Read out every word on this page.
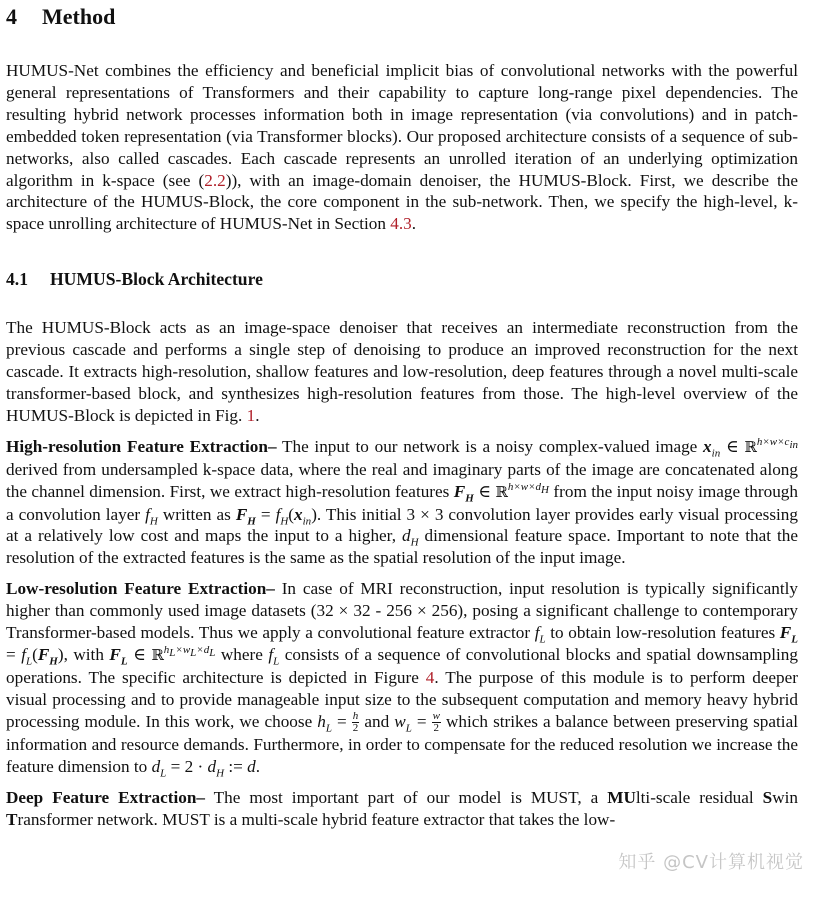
4 Method

HUMUS-Net combines the efficiency and beneficial implicit bias of convolutional networks with the powerful general representations of Transformers and their capability to capture long-range pixel dependencies. The resulting hybrid network processes information both in image representation (via convolutions) and in patch-embedded token representation (via Transformer blocks). Our proposed architecture consists of a sequence of sub-networks, also called cascades. Each cascade represents an unrolled iteration of an underlying optimization algorithm in k-space (see (2.2)), with an image-domain denoiser, the HUMUS-Block. First, we describe the architecture of the HUMUS-Block, the core component in the sub-network. Then, we specify the high-level, k-space unrolling architecture of HUMUS-Net in Section 4.3.

4.1 HUMUS-Block Architecture

The HUMUS-Block acts as an image-space denoiser that receives an intermediate reconstruction from the previous cascade and performs a single step of denoising to produce an improved reconstruction for the next cascade. It extracts high-resolution, shallow features and low-resolution, deep features through a novel multi-scale transformer-based block, and synthesizes high-resolution features from those. The high-level overview of the HUMUS-Block is depicted in Fig. 1.

High-resolution Feature Extraction– The input to our network is a noisy complex-valued image $x_{in}$ ∈ ℝ$^{h\times w\times c_{in}}$ derived from undersampled k-space data, where the real and imaginary parts of the image are concatenated along the channel dimension. First, we extract high-resolution features $F_H$ ∈ ℝ$^{h\times w\times d_H}$ from the input noisy image through a convolution layer $f_H$ written as $F_H = f_H(x_{in})$. This initial 3 × 3 convolution layer provides early visual processing at a relatively low cost and maps the input to a higher, $d_H$ dimensional feature space. Important to note that the resolution of the extracted features is the same as the spatial resolution of the input image.

Low-resolution Feature Extraction– In case of MRI reconstruction, input resolution is typically significantly higher than commonly used image datasets (32 × 32 - 256 × 256), posing a significant challenge to contemporary Transformer-based models. Thus we apply a convolutional feature extractor $f_L$ to obtain low-resolution features $F_L = f_L(F_H)$, with $F_L$ ∈ ℝ$^{h_L\times w_L\times d_L}$ where $f_L$ consists of a sequence of convolutional blocks and spatial downsampling operations. The specific architecture is depicted in Figure 4. The purpose of this module is to perform deeper visual processing and to provide manageable input size to the subsequent computation and memory heavy hybrid processing module. In this work, we choose $h_L = \frac{h}{2}$ and $w_L = \frac{w}{2}$ which strikes a balance between preserving spatial information and resource demands. Furthermore, in order to compensate for the reduced resolution we increase the feature dimension to $d_L = 2 \cdot d_H$ := d.

Deep Feature Extraction– The most important part of our model is MUST, a MUlti-scale residual Swin Transformer network. MUST is a multi-scale hybrid feature extractor that takes the low-

知乎 @CV计算机视觉
